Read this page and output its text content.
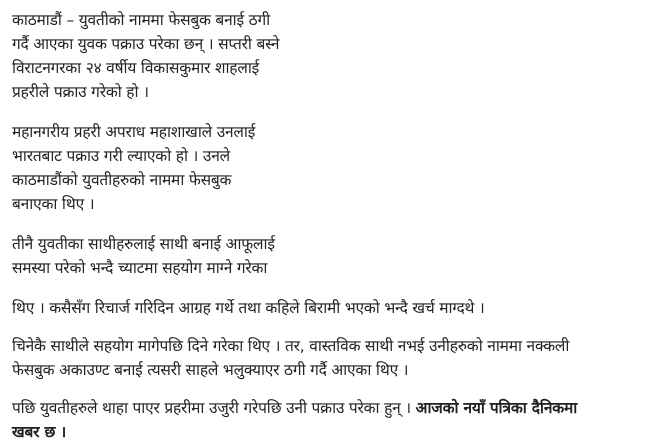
काठमाडौं – युवतीको नाममा फेसबुक बनाई ठगी
गर्दै आएका युवक पक्राउ परेका छन् । सप्तरी बस्ने
विराटनगरका २४ वर्षीय विकासकुमार शाहलाई
प्रहरीले पक्राउ गरेको हो ।

महानगरीय प्रहरी अपराध महाशाखाले उनलाई
भारतबाट पक्राउ गरी ल्याएको हो । उनले
काठमाडौंको युवतीहरुको नाममा फेसबुक
बनाएका थिए ।

तीनै युवतीका साथीहरुलाई साथी बनाई आफूलाई
समस्या परेको भन्दै च्याटमा सहयोग माग्ने गरेका

थिए । कसैसँग रिचार्ज गरिदिन आग्रह गर्थे तथा कहिले बिरामी भएको भन्दै खर्च माग्दथे ।

चिनेकै साथीले सहयोग मागेपछि दिने गरेका थिए । तर, वास्तविक साथी नभई उनीहरुको नाममा नक्कली
फेसबुक अकाउण्ट बनाई त्यसरी साहले भलुक्याएर ठगी गर्दै आएका थिए ।

पछि युवतीहरुले थाहा पाएर प्रहरीमा उजुरी गरेपछि उनी पक्राउ परेका हुन् । आजको नयाँ पत्रिका दैनिकमा
खबर छ ।
